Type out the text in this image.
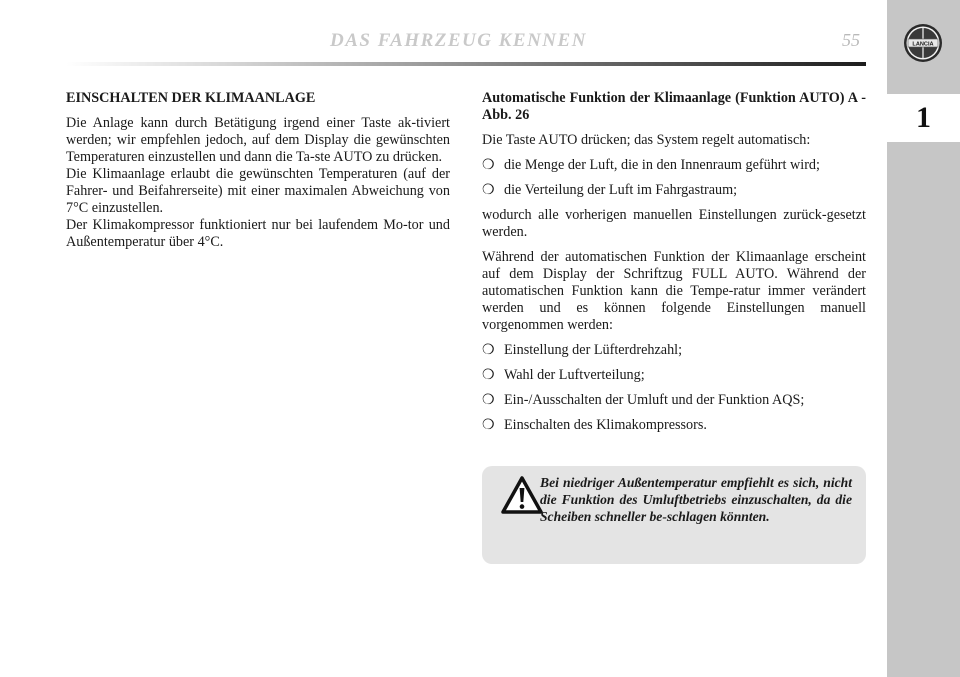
DAS FAHRZEUG KENNEN	55	LANCIA
1
EINSCHALTEN DER KLIMAANLAGE

Die Anlage kann durch Betätigung irgend einer Taste ak-tiviert werden; wir empfehlen jedoch, auf dem Display die gewünschten Temperaturen einzustellen und dann die Ta-ste AUTO zu drücken.

Die Klimaanlage erlaubt die gewünschten Temperaturen (auf der Fahrer- und Beifahrerseite) mit einer maximalen Abweichung von 7°C einzustellen.

Der Klimakompressor funktioniert nur bei laufendem Mo-tor und Außentemperatur über 4°C.

Automatische Funktion der Klimaanlage (Funktion AUTO) A - Abb. 26

Die Taste AUTO drücken; das System regelt automatisch:

❍ die Menge der Luft, die in den Innenraum geführt wird;
❍ die Verteilung der Luft im Fahrgastraum;

wodurch alle vorherigen manuellen Einstellungen zurück-gesetzt werden.

Während der automatischen Funktion der Klimaanlage erscheint auf dem Display der Schriftzug FULL AUTO. Während der automatischen Funktion kann die Tempe-ratur immer verändert werden und es können folgende Einstellungen manuell vorgenommen werden:

❍ Einstellung der Lüfterdrehzahl;
❍ Wahl der Luftverteilung;
❍ Ein-/Ausschalten der Umluft und der Funktion AQS;
❍ Einschalten des Klimakompressors.
Bei niedriger Außentemperatur empfiehlt es sich, nicht die Funktion des Umluftbetriebs einzuschalten, da die Scheiben schneller be-schlagen könnten.
